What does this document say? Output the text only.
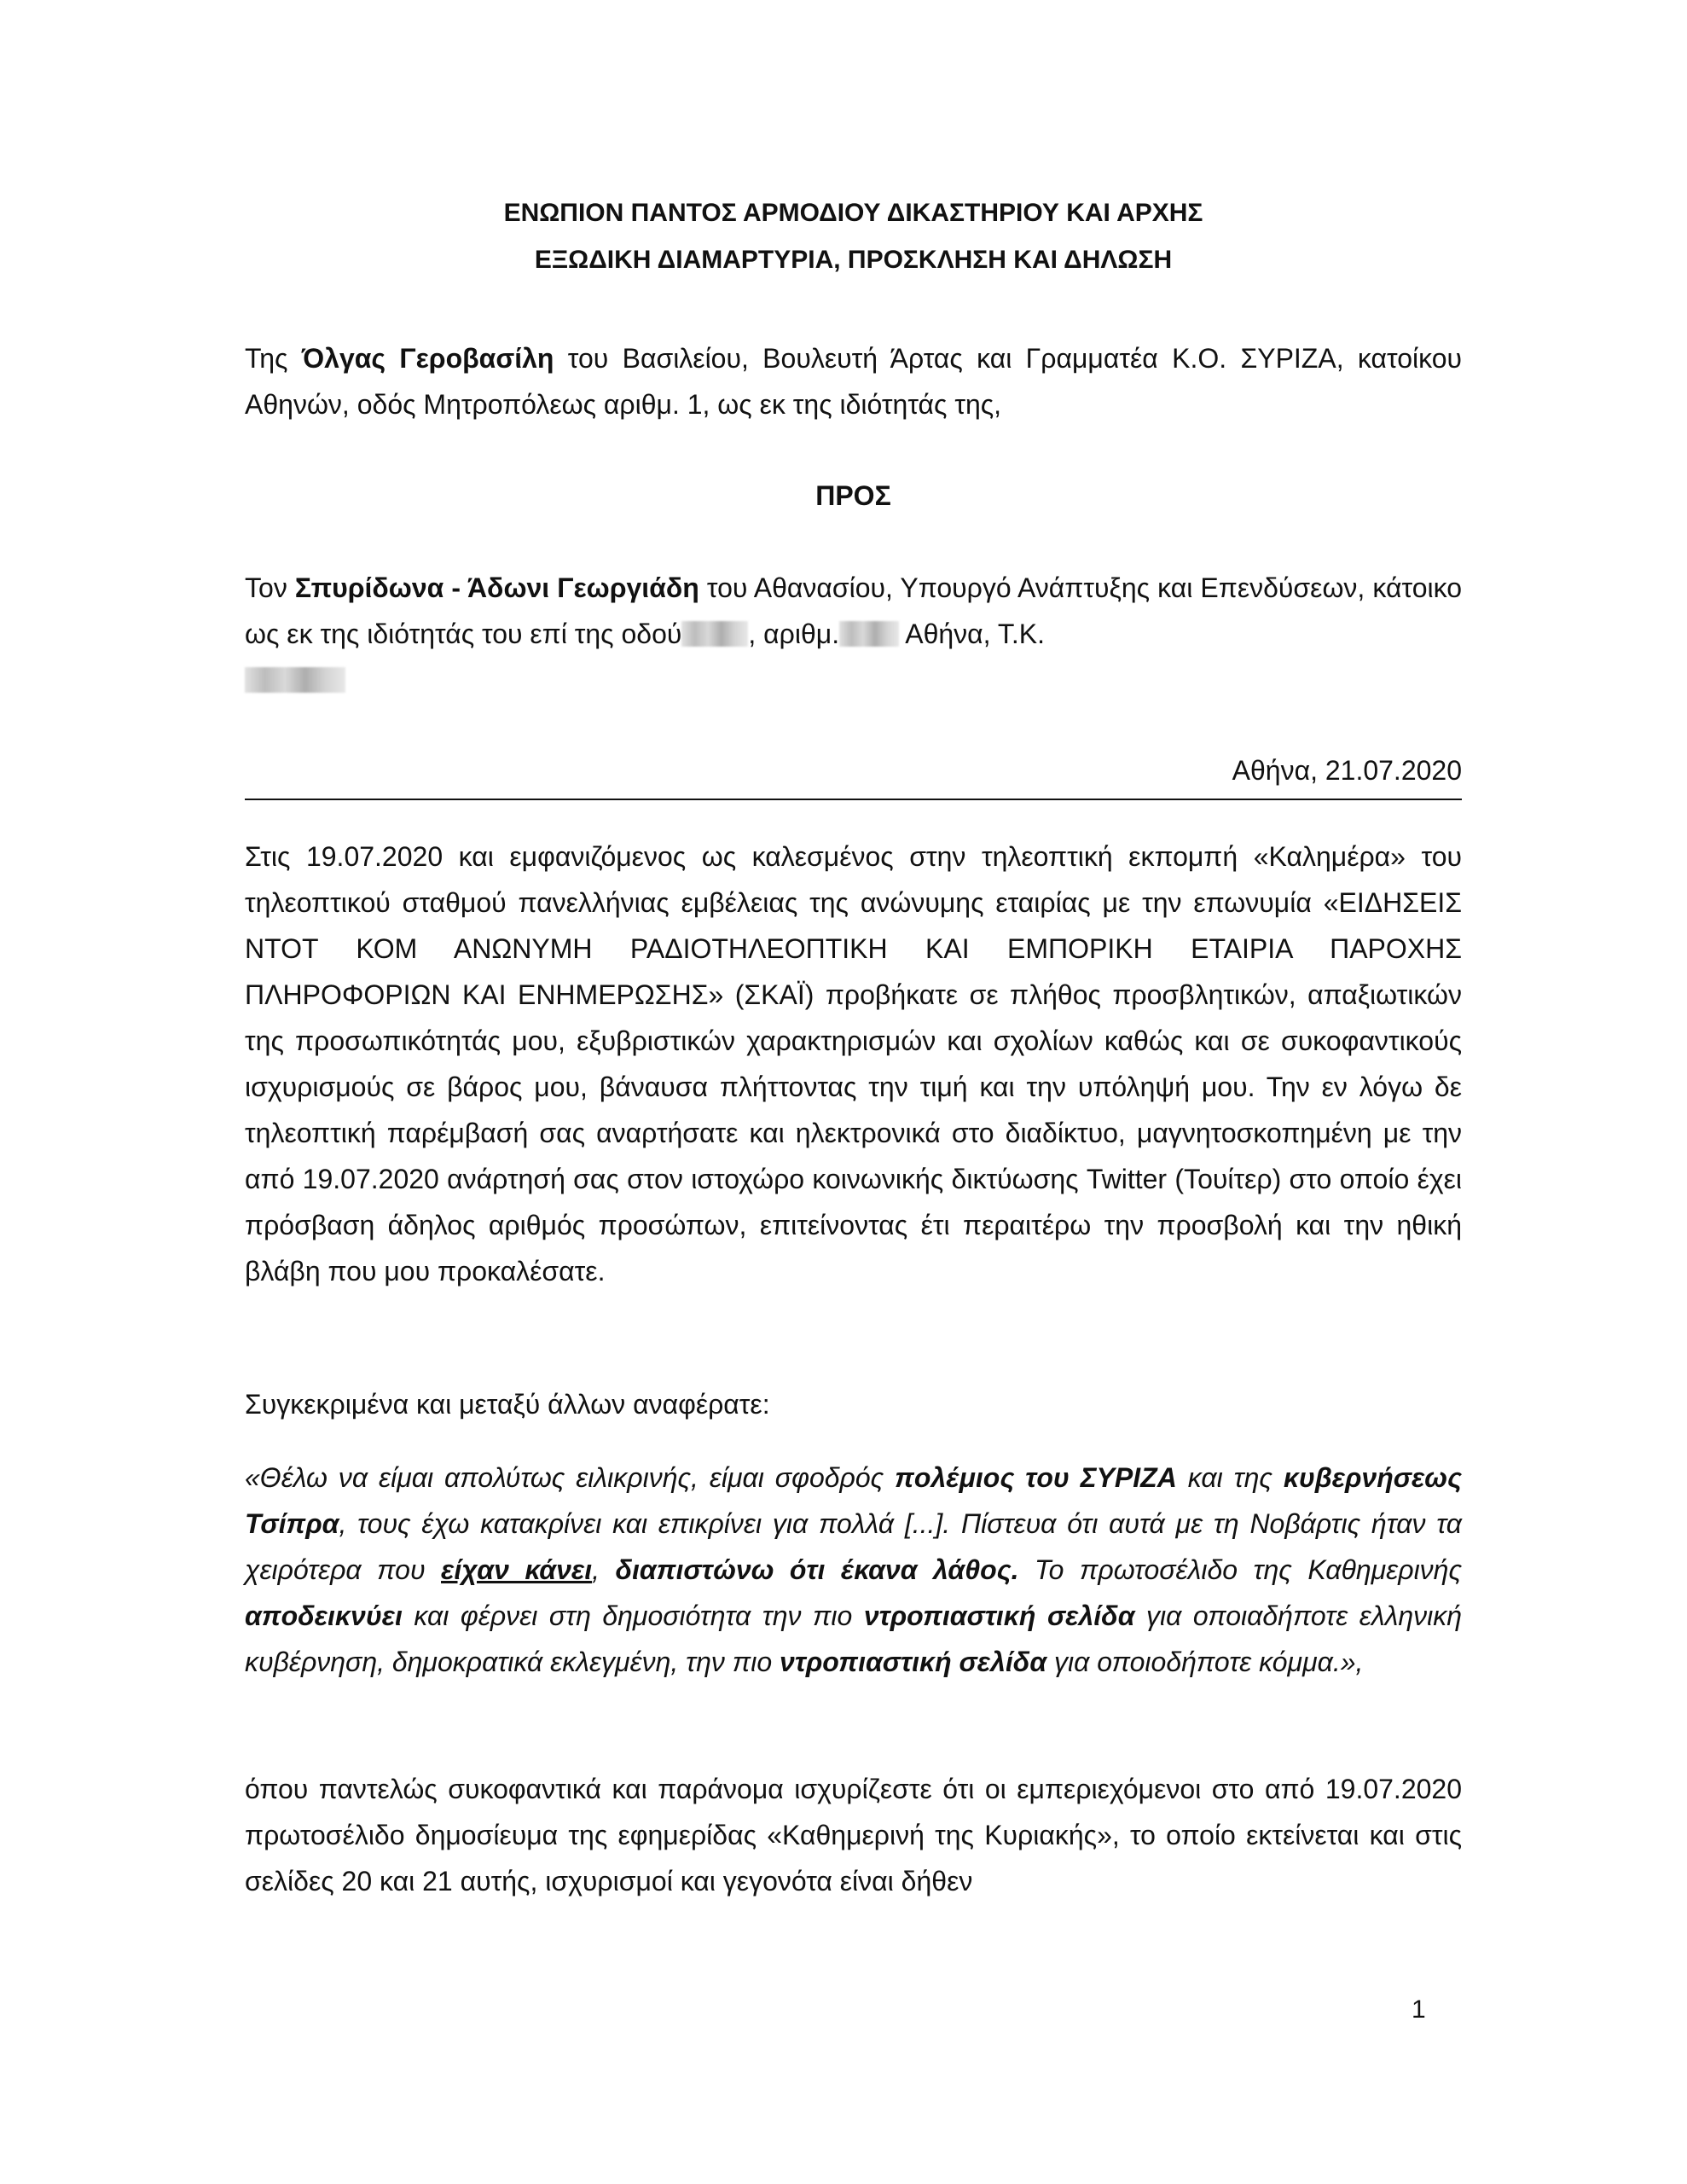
ΕΝΩΠΙΟΝ ΠΑΝΤΟΣ ΑΡΜΟΔΙΟΥ ΔΙΚΑΣΤΗΡΙΟΥ ΚΑΙ ΑΡΧΗΣ
ΕΞΩΔΙΚΗ ΔΙΑΜΑΡΤΥΡΙΑ, ΠΡΟΣΚΛΗΣΗ ΚΑΙ ΔΗΛΩΣΗ
Της Όλγας Γεροβασίλη του Βασιλείου, Βουλευτή Άρτας και Γραμματέα Κ.Ο. ΣΥΡΙΖΑ, κατοίκου Αθηνών, οδός Μητροπόλεως αριθμ. 1, ως εκ της ιδιότητάς της,
ΠΡΟΣ
Τον Σπυρίδωνα - Άδωνι Γεωργιάδη του Αθανασίου, Υπουργό Ανάπτυξης και Επενδύσεων, κάτοικο ως εκ της ιδιότητάς του επί της οδού , αριθμ. Αθήνα, Τ.Κ.

Αθήνα, 21.07.2020
Στις 19.07.2020 και εμφανιζόμενος ως καλεσμένος στην τηλεοπτική εκπομπή «Καλημέρα» του τηλεοπτικού σταθμού πανελλήνιας εμβέλειας της ανώνυμης εταιρίας με την επωνυμία «ΕΙΔΗΣΕΙΣ ΝΤΟΤ ΚΟΜ ΑΝΩΝΥΜΗ ΡΑΔΙΟΤΗΛΕΟΠΤΙΚΗ ΚΑΙ ΕΜΠΟΡΙΚΗ ΕΤΑΙΡΙΑ ΠΑΡΟΧΗΣ ΠΛΗΡΟΦΟΡΙΩΝ ΚΑΙ ΕΝΗΜΕΡΩΣΗΣ» (ΣΚΑΪ) προβήκατε σε πλήθος προσβλητικών, απαξιωτικών της προσωπικότητάς μου, εξυβριστικών χαρακτηρισμών και σχολίων καθώς και σε συκοφαντικούς ισχυρισμούς σε βάρος μου, βάναυσα πλήττοντας την τιμή και την υπόληψή μου. Την εν λόγω δε τηλεοπτική παρέμβασή σας αναρτήσατε και ηλεκτρονικά στο διαδίκτυο, μαγνητοσκοπημένη με την από 19.07.2020 ανάρτησή σας στον ιστοχώρο κοινωνικής δικτύωσης Twitter (Τουίτερ) στο οποίο έχει πρόσβαση άδηλος αριθμός προσώπων, επιτείνοντας έτι περαιτέρω την προσβολή και την ηθική βλάβη που μου προκαλέσατε.
Συγκεκριμένα και μεταξύ άλλων αναφέρατε:
«Θέλω να είμαι απολύτως ειλικρινής, είμαι σφοδρός πολέμιος του ΣΥΡΙΖΑ και της κυβερνήσεως Τσίπρα, τους έχω κατακρίνει και επικρίνει για πολλά [...]. Πίστευα ότι αυτά με τη Νοβάρτις ήταν τα χειρότερα που είχαν κάνει, διαπιστώνω ότι έκανα λάθος. Το πρωτοσέλιδο της Καθημερινής αποδεικνύει και φέρνει στη δημοσιότητα την πιο ντροπιαστική σελίδα για οποιαδήποτε ελληνική κυβέρνηση, δημοκρατικά εκλεγμένη, την πιο ντροπιαστική σελίδα για οποιοδήποτε κόμμα.»,
όπου παντελώς συκοφαντικά και παράνομα ισχυρίζεστε ότι οι εμπεριεχόμενοι στο από 19.07.2020 πρωτοσέλιδο δημοσίευμα της εφημερίδας «Καθημερινή της Κυριακής», το οποίο εκτείνεται και στις σελίδες 20 και 21 αυτής, ισχυρισμοί και γεγονότα είναι δήθεν
1
